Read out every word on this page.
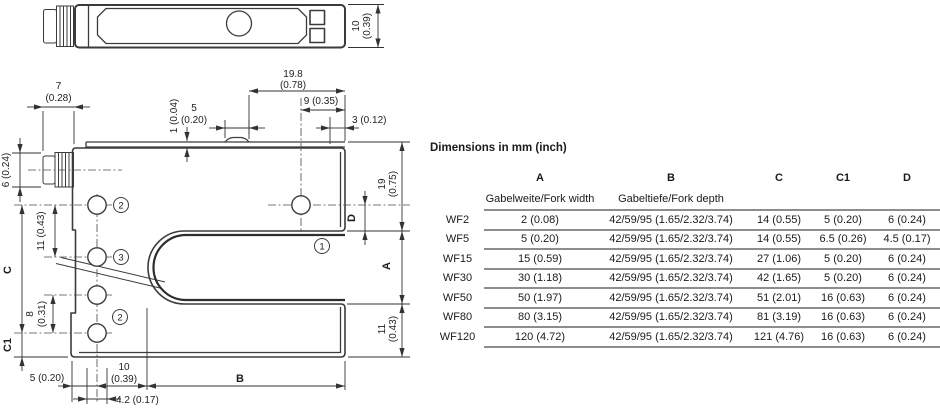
10 (0.39)
2
3
2
1
7
(0.28)
19.8
(0.78)
9 (0.35)
3 (0.12)
5
(0.20)
1 (0.04)
6 (0.24)
11 (0.43)
C
C1
8 (0.31)
D
19 (0.75)
A
11 (0.43)
5 (0.20)
10
(0.39)	B
4.2 (0.17)

Dimensions in mm (inch)

	A	B	C	C1	D
	Gabelweite/Fork width	Gabeltiefe/Fork depth			
WF2	2 (0.08)	42/59/95 (1.65/2.32/3.74)	14 (0.55)	5 (0.20)	6 (0.24)
WF5	5 (0.20)	42/59/95 (1.65/2.32/3.74)	14 (0.55)	6.5 (0.26)	4.5 (0.17)
WF15	15 (0.59)	42/59/95 (1.65/2.32/3.74)	27 (1.06)	5 (0.20)	6 (0.24)
WF30	30 (1.18)	42/59/95 (1.65/2.32/3.74)	42 (1.65)	5 (0.20)	6 (0.24)
WF50	50 (1.97)	42/59/95 (1.65/2.32/3.74)	51 (2.01)	16 (0.63)	6 (0.24)
WF80	80 (3.15)	42/59/95 (1.65/2.32/3.74)	81 (3.19)	16 (0.63)	6 (0.24)
WF120	120 (4.72)	42/59/95 (1.65/2.32/3.74)	121 (4.76)	16 (0.63)	6 (0.24)
